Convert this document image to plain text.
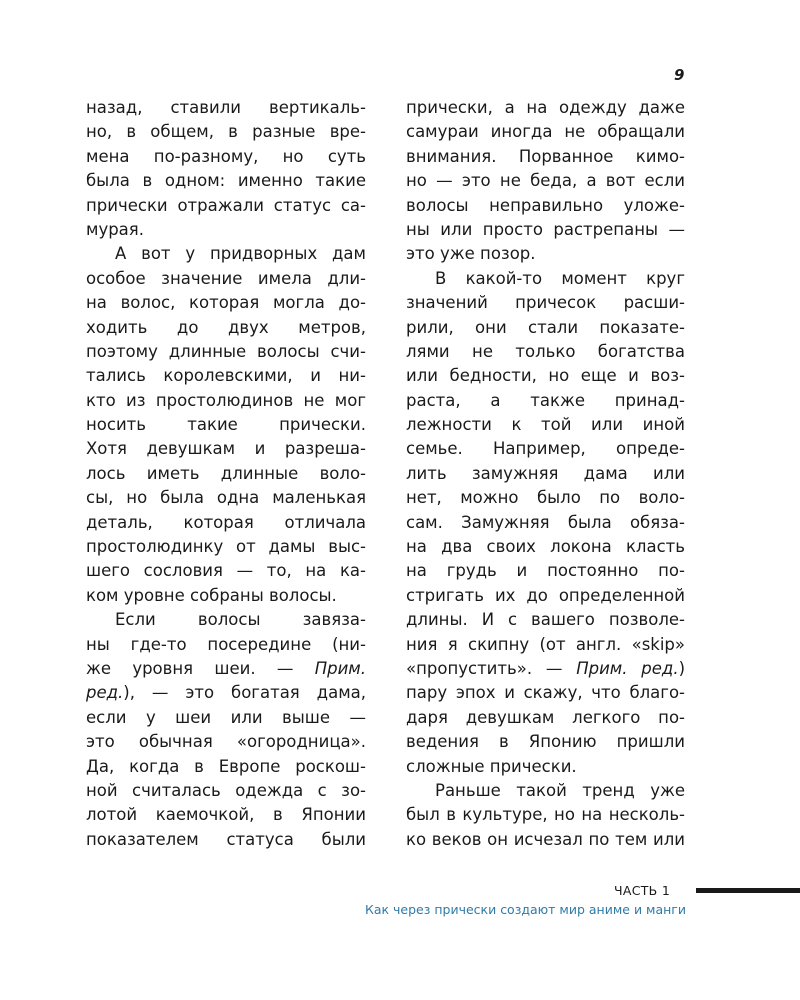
9
назад, ставили вертикаль-
но, в общем, в разные вре-
мена по-разному, но суть
была в одном: именно такие
прически отражали статус са-
мурая.
А вот у придворных дам
особое значение имела дли-
на волос, которая могла до-
ходить до двух метров,
поэтому длинные волосы счи-
тались королевскими, и ни-
кто из простолюдинов не мог
носить такие прически.
Хотя девушкам и разреша-
лось иметь длинные воло-
сы, но была одна маленькая
деталь, которая отличала
простолюдинку от дамы выс-
шего сословия — то, на ка-
ком уровне собраны волосы.
Если волосы завяза-
ны где-то посередине (ни-
же уровня шеи. — Прим.
ред.), — это богатая дама,
если у шеи или выше —
это обычная «огородница».
Да, когда в Европе роскош-
ной считалась одежда с зо-
лотой каемочкой, в Японии
показателем статуса были
прически, а на одежду даже
самураи иногда не обращали
внимания. Порванное кимо-
но — это не беда, а вот если
волосы неправильно уложе-
ны или просто растрепаны —
это уже позор.
В какой-то момент круг
значений причесок расши-
рили, они стали показате-
лями не только богатства
или бедности, но еще и воз-
раста, а также принад-
лежности к той или иной
семье. Например, опреде-
лить замужняя дама или
нет, можно было по воло-
сам. Замужняя была обяза-
на два своих локона класть
на грудь и постоянно по-
стригать их до определенной
длины. И с вашего позволе-
ния я скипну (от англ. «skip»
«пропустить». — Прим. ред.)
пару эпох и скажу, что благо-
даря девушкам легкого по-
ведения в Японию пришли
сложные прически.
Раньше такой тренд уже
был в культуре, но на несколь-
ко веков он исчезал по тем или
ЧАСТЬ 1
Как через прически создают мир аниме и манги
